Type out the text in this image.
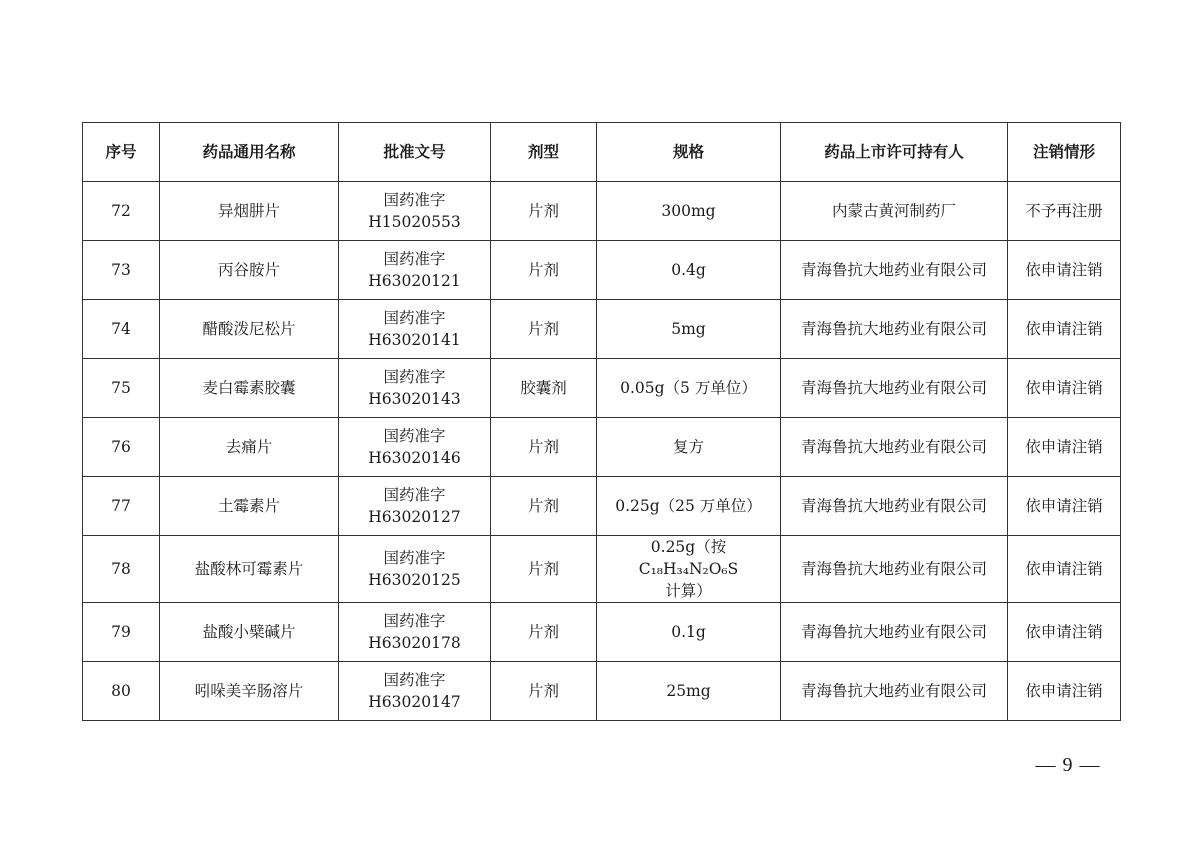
序号	药品通用名称	批准文号	剂型	规格	药品上市许可持有人	注销情形

72	异烟肼片	国药准字
H15020553	片剂	300mg	内蒙古黄河制药厂	不予再注册

73	丙谷胺片	国药准字
H63020121	片剂	0.4g	青海鲁抗大地药业有限公司	依申请注销

74	醋酸泼尼松片	国药准字
H63020141	片剂	5mg	青海鲁抗大地药业有限公司	依申请注销

75	麦白霉素胶囊	国药准字
H63020143	胶囊剂	0.05g（5 万单位）	青海鲁抗大地药业有限公司	依申请注销

76	去痛片	国药准字
H63020146	片剂	复方	青海鲁抗大地药业有限公司	依申请注销

77	土霉素片	国药准字
H63020127	片剂	0.25g（25 万单位）	青海鲁抗大地药业有限公司	依申请注销

78	盐酸林可霉素片	国药准字
H63020125	片剂	0.25g（按 C₁₈H₃₄N₂O₆S
计算）	青海鲁抗大地药业有限公司	依申请注销

79	盐酸小檗碱片	国药准字
H63020178	片剂	0.1g	青海鲁抗大地药业有限公司	依申请注销

80	吲哚美辛肠溶片	国药准字
H63020147	片剂	25mg	青海鲁抗大地药业有限公司	依申请注销
— 9 —
